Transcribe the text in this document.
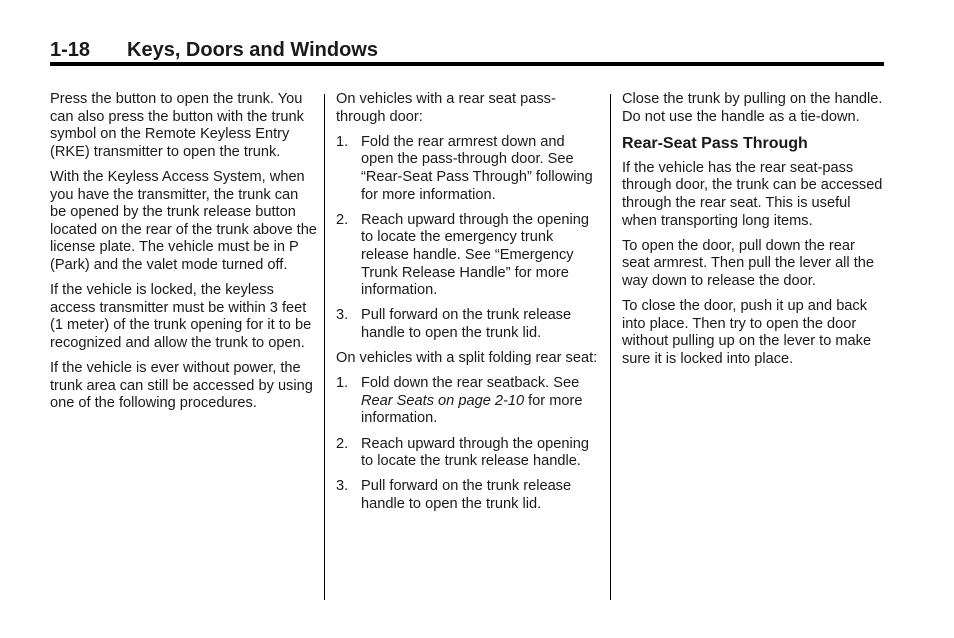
1-18 Keys, Doors and Windows

Press the button to open the trunk. You can also press the button with the trunk symbol on the Remote Keyless Entry (RKE) transmitter to open the trunk.

With the Keyless Access System, when you have the transmitter, the trunk can be opened by the trunk release button located on the rear of the trunk above the license plate. The vehicle must be in P (Park) and the valet mode turned off.

If the vehicle is locked, the keyless access transmitter must be within 3 feet (1 meter) of the trunk opening for it to be recognized and allow the trunk to open.

If the vehicle is ever without power, the trunk area can still be accessed by using one of the following procedures.

On vehicles with a rear seat pass-through door:

1. Fold the rear armrest down and open the pass-through door. See “Rear-Seat Pass Through” following for more information.
2. Reach upward through the opening to locate the emergency trunk release handle. See “Emergency Trunk Release Handle” for more information.
3. Pull forward on the trunk release handle to open the trunk lid.

On vehicles with a split folding rear seat:

1. Fold down the rear seatback. See Rear Seats on page 2‑10 for more information.
2. Reach upward through the opening to locate the trunk release handle.
3. Pull forward on the trunk release handle to open the trunk lid.

Close the trunk by pulling on the handle. Do not use the handle as a tie-down.

Rear-Seat Pass Through

If the vehicle has the rear seat-pass through door, the trunk can be accessed through the rear seat. This is useful when transporting long items.

To open the door, pull down the rear seat armrest. Then pull the lever all the way down to release the door.

To close the door, push it up and back into place. Then try to open the door without pulling up on the lever to make sure it is locked into place.
